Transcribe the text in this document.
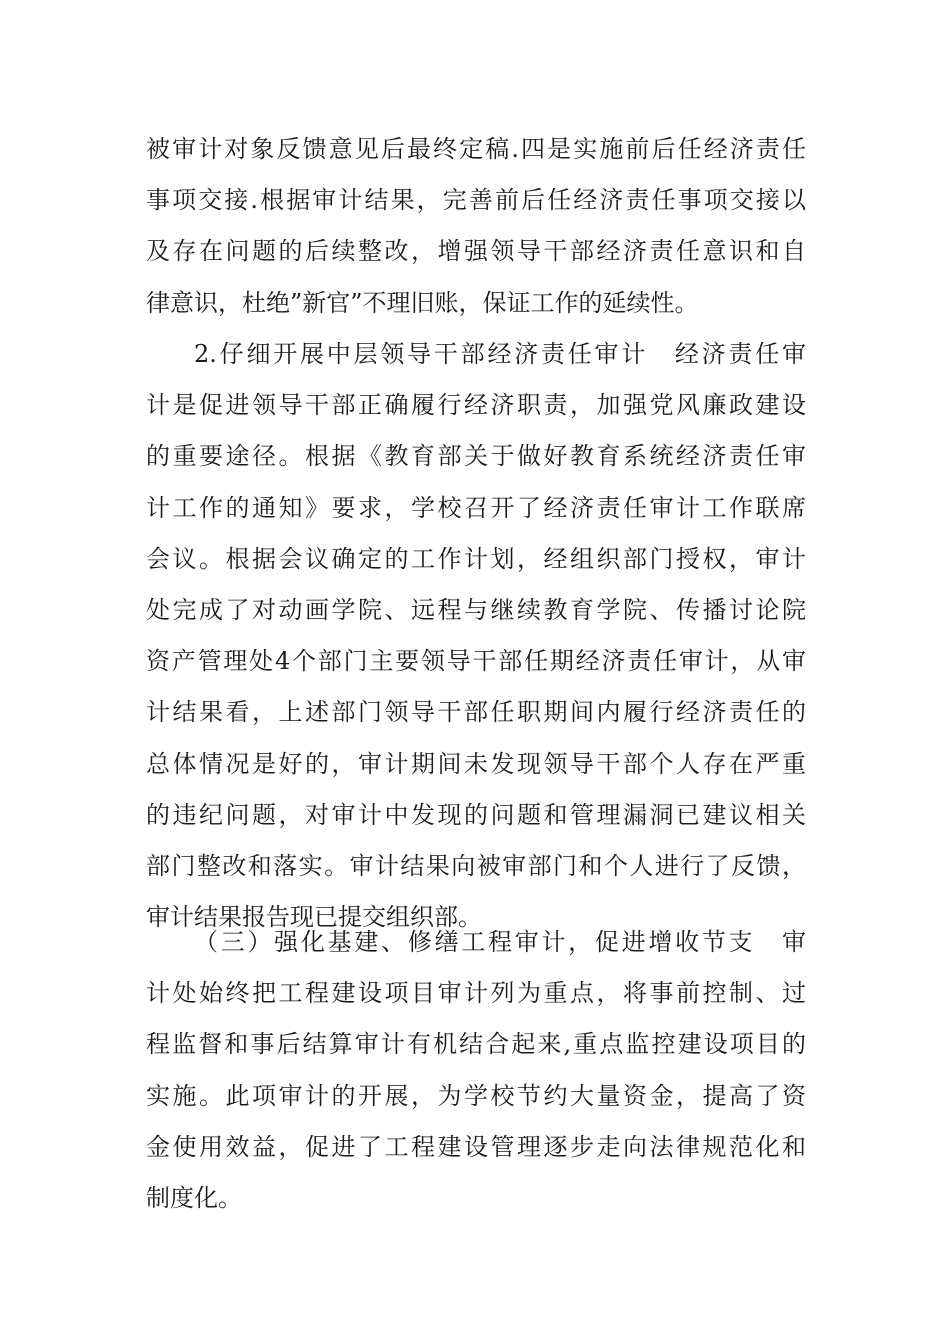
被审计对象反馈意见后最终定稿.四是实施前后任经济责任
事项交接.根据审计结果，完善前后任经济责任事项交接以
及存在问题的后续整改，增强领导干部经济责任意识和自
律意识，杜绝”新官”不理旧账，保证工作的延续性。
2.仔细开展中层领导干部经济责任审计　经济责任审
计是促进领导干部正确履行经济职责，加强党风廉政建设
的重要途径。根据《教育部关于做好教育系统经济责任审
计工作的通知》要求，学校召开了经济责任审计工作联席
会议。根据会议确定的工作计划，经组织部门授权，审计
处完成了对动画学院、远程与继续教育学院、传播讨论院
资产管理处4个部门主要领导干部任期经济责任审计，从审
计结果看，上述部门领导干部任职期间内履行经济责任的
总体情况是好的，审计期间未发现领导干部个人存在严重
的违纪问题，对审计中发现的问题和管理漏洞已建议相关
部门整改和落实。审计结果向被审部门和个人进行了反馈，
审计结果报告现已提交组织部。
（三）强化基建、修缮工程审计，促进增收节支　审
计处始终把工程建设项目审计列为重点，将事前控制、过
程监督和事后结算审计有机结合起来,重点监控建设项目的
实施。此项审计的开展，为学校节约大量资金，提高了资
金使用效益，促进了工程建设管理逐步走向法律规范化和
制度化。
